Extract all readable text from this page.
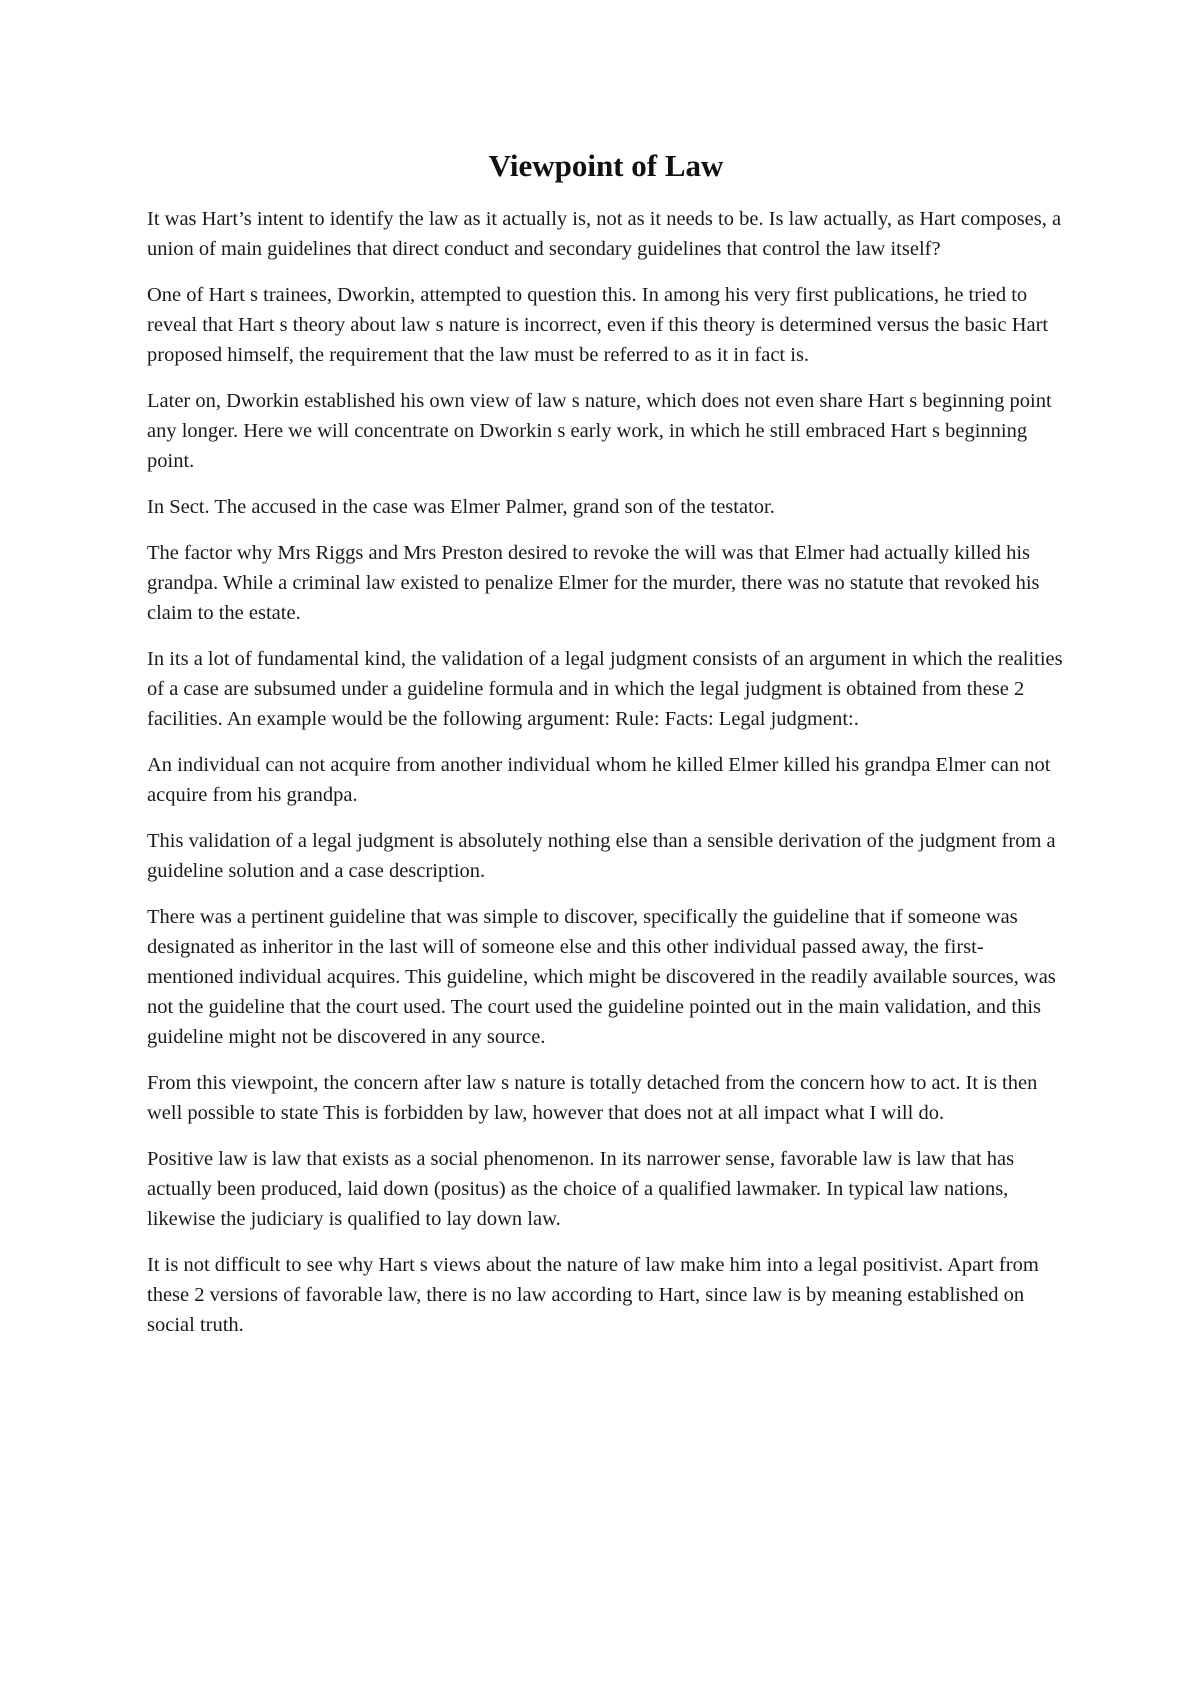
Viewpoint of Law

It was Hart’s intent to identify the law as it actually is, not as it needs to be. Is law actually, as Hart composes, a union of main guidelines that direct conduct and secondary guidelines that control the law itself?

One of Hart s trainees, Dworkin, attempted to question this. In among his very first publications, he tried to reveal that Hart s theory about law s nature is incorrect, even if this theory is determined versus the basic Hart proposed himself, the requirement that the law must be referred to as it in fact is.

Later on, Dworkin established his own view of law s nature, which does not even share Hart s beginning point any longer. Here we will concentrate on Dworkin s early work, in which he still embraced Hart s beginning point.

In Sect. The accused in the case was Elmer Palmer, grand son of the testator.

The factor why Mrs Riggs and Mrs Preston desired to revoke the will was that Elmer had actually killed his grandpa. While a criminal law existed to penalize Elmer for the murder, there was no statute that revoked his claim to the estate.

In its a lot of fundamental kind, the validation of a legal judgment consists of an argument in which the realities of a case are subsumed under a guideline formula and in which the legal judgment is obtained from these 2 facilities. An example would be the following argument: Rule: Facts: Legal judgment:.

An individual can not acquire from another individual whom he killed Elmer killed his grandpa Elmer can not acquire from his grandpa.

This validation of a legal judgment is absolutely nothing else than a sensible derivation of the judgment from a guideline solution and a case description.

There was a pertinent guideline that was simple to discover, specifically the guideline that if someone was designated as inheritor in the last will of someone else and this other individual passed away, the first-mentioned individual acquires. This guideline, which might be discovered in the readily available sources, was not the guideline that the court used. The court used the guideline pointed out in the main validation, and this guideline might not be discovered in any source.

From this viewpoint, the concern after law s nature is totally detached from the concern how to act. It is then well possible to state This is forbidden by law, however that does not at all impact what I will do.

Positive law is law that exists as a social phenomenon. In its narrower sense, favorable law is law that has actually been produced, laid down (positus) as the choice of a qualified lawmaker. In typical law nations, likewise the judiciary is qualified to lay down law.

It is not difficult to see why Hart s views about the nature of law make him into a legal positivist. Apart from these 2 versions of favorable law, there is no law according to Hart, since law is by meaning established on social truth.
